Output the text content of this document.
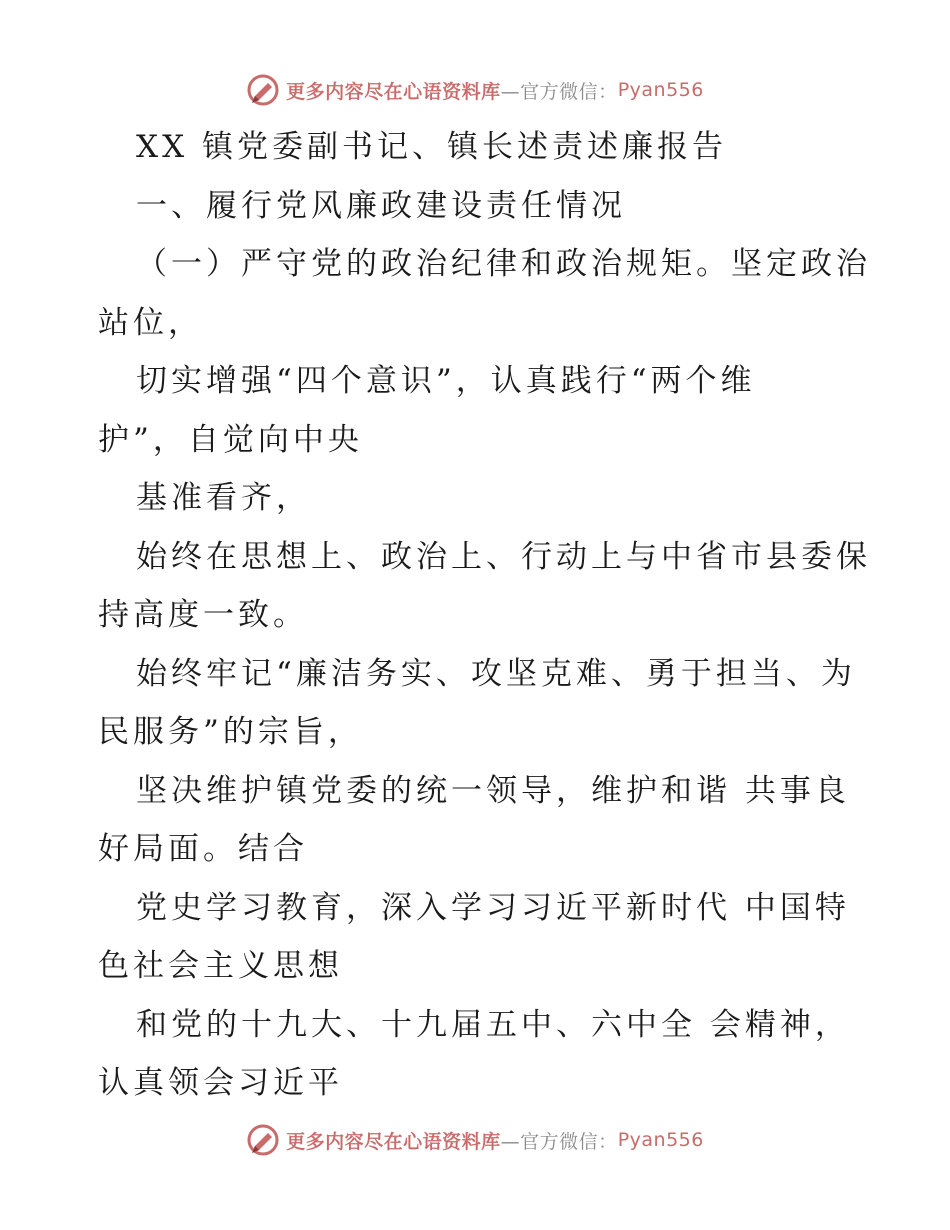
更多内容尽在心语资料库 —官方微信： Pyan556
XX 镇党委副书记、镇长述责述廉报告
一、履行党风廉政建设责任情况
（一）严守党的政治纪律和政治规矩。坚定政治
站位，
切实增强“四个意识”，认真践行“两个维
护”，自觉向中央
基准看齐，
始终在思想上、政治上、行动上与中省市县委保
持高度一致。
始终牢记“廉洁务实、攻坚克难、勇于担当、为
民服务”的宗旨，
坚决维护镇党委的统一领导，维护和谐 共事良
好局面。结合
党史学习教育，深入学习习近平新时代 中国特
色社会主义思想
和党的十九大、十九届五中、六中全 会精神，
认真领会习近平
更多内容尽在心语资料库 —官方微信： Pyan556
